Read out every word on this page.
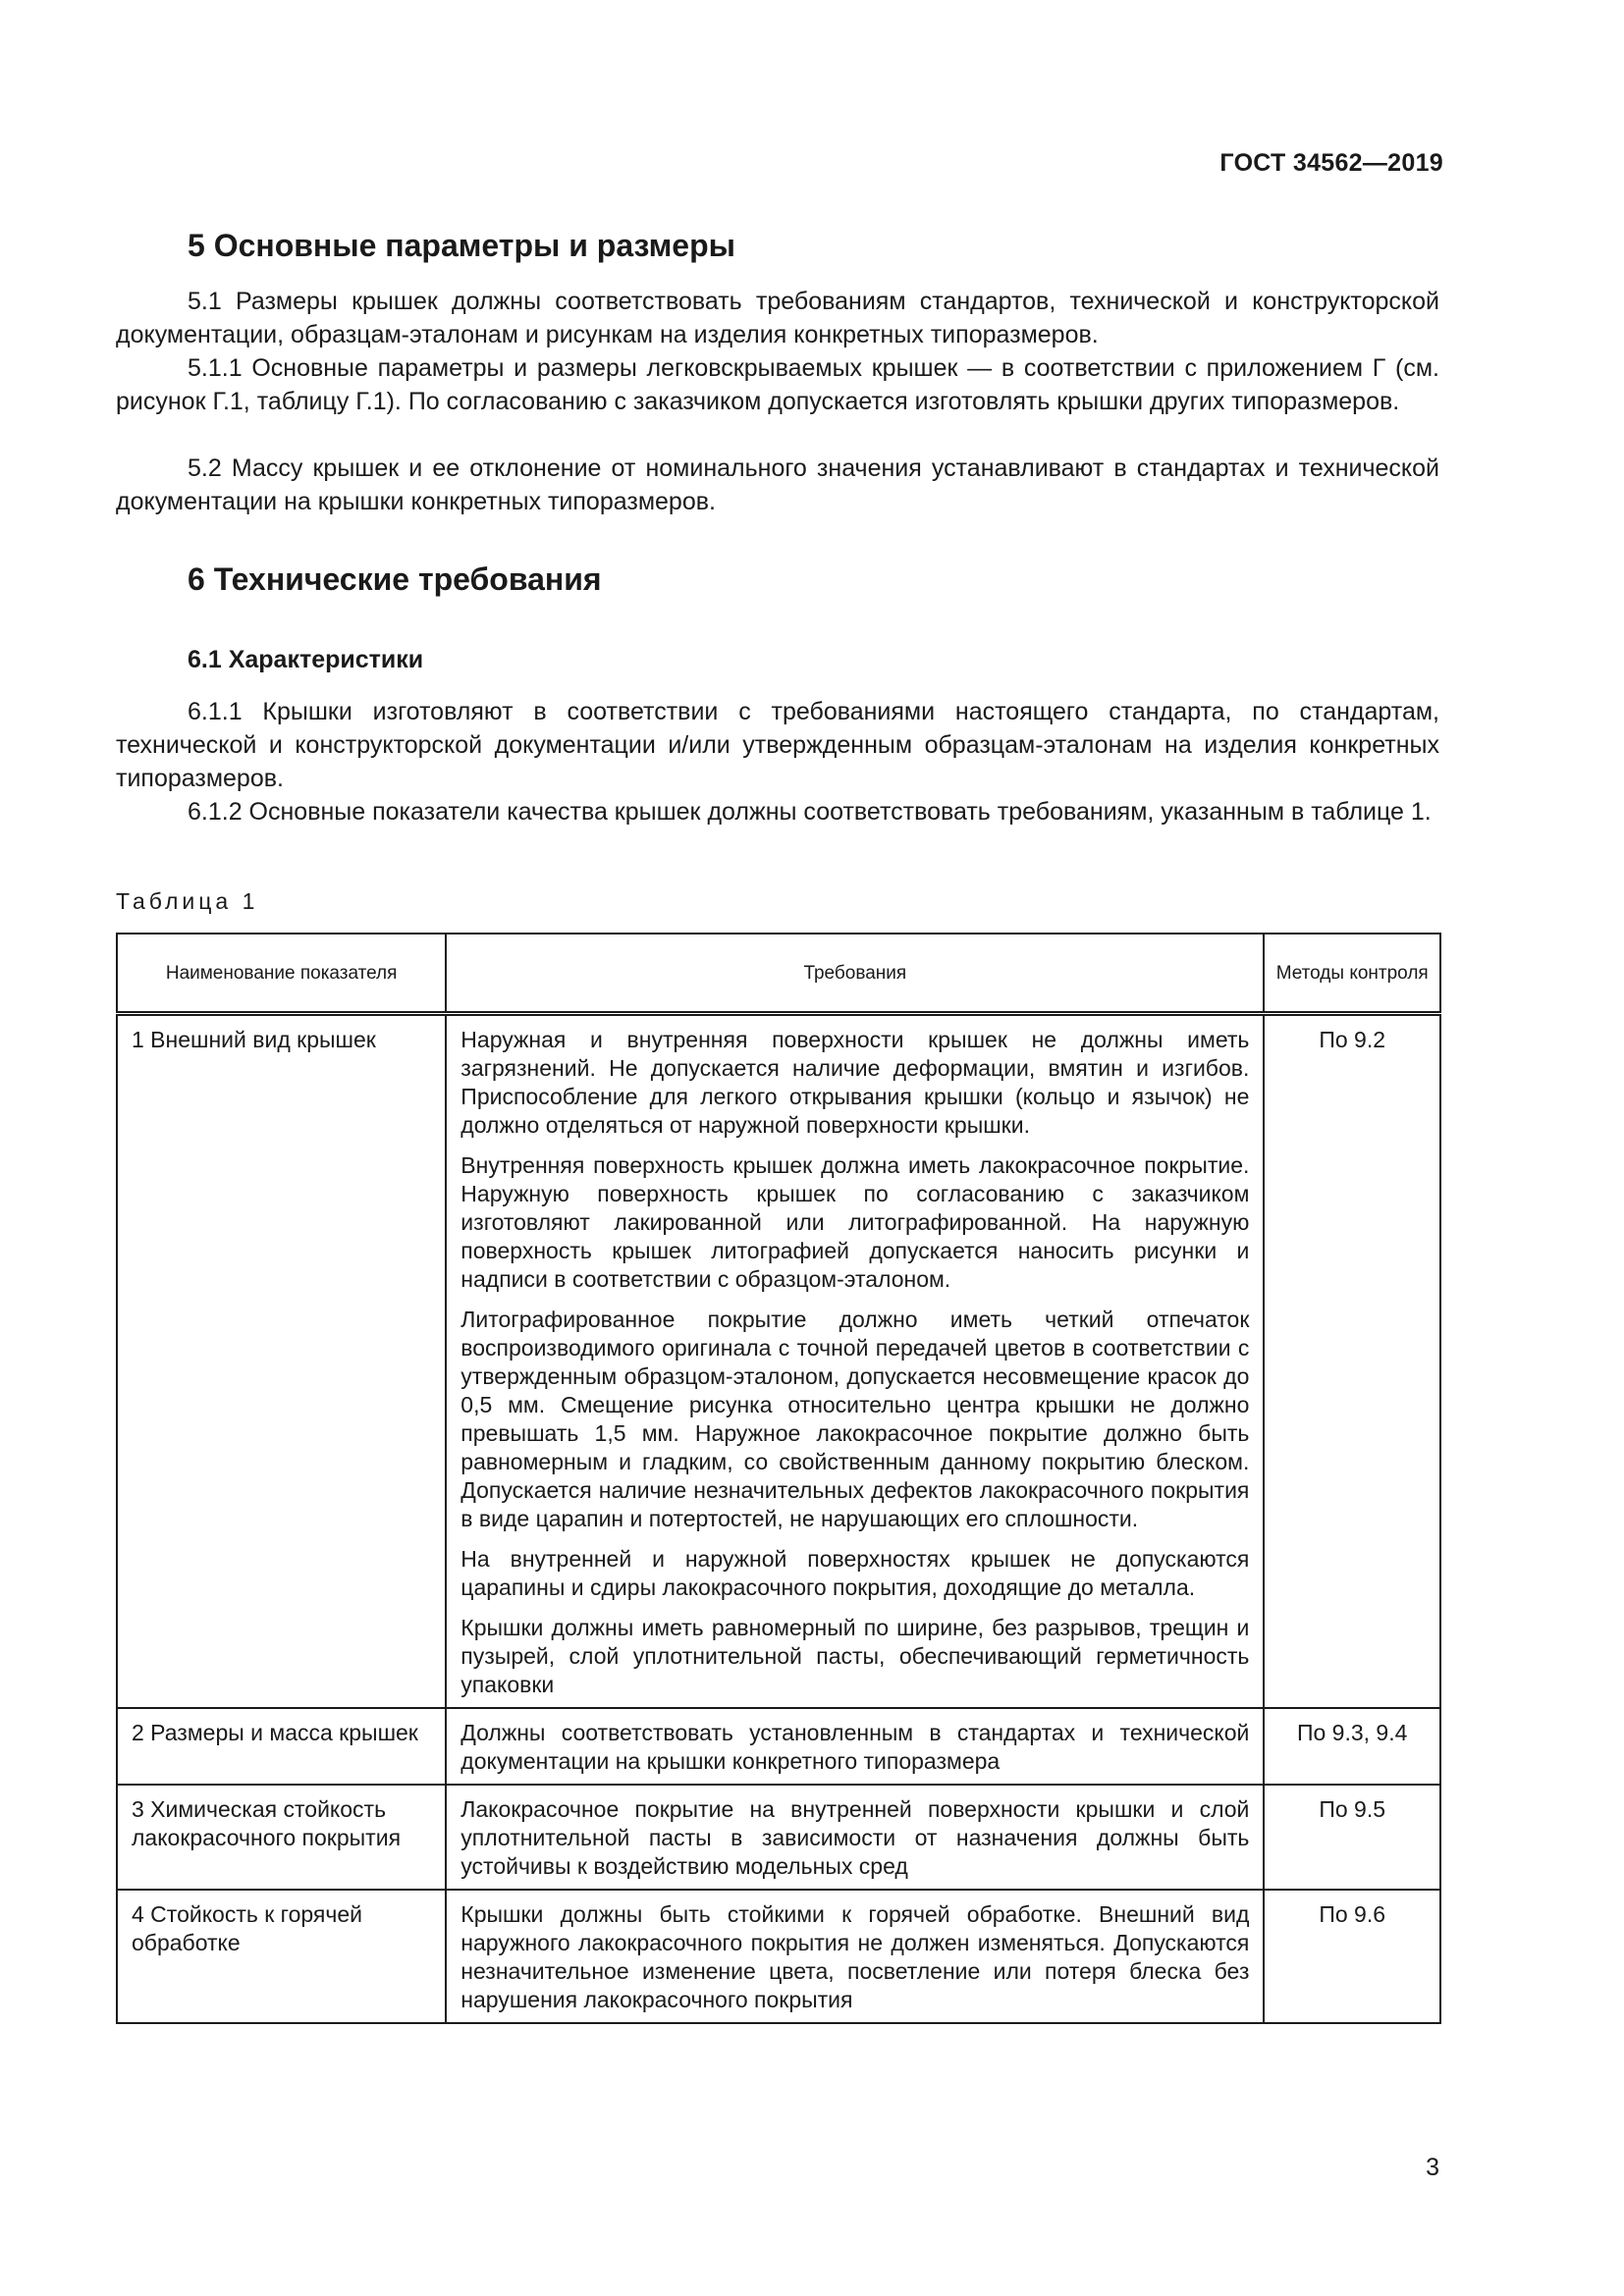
ГОСТ 34562—2019
5 Основные параметры и размеры
5.1 Размеры крышек должны соответствовать требованиям стандартов, технической и конструкторской документации, образцам-эталонам и рисункам на изделия конкретных типоразмеров.
5.1.1 Основные параметры и размеры легковскрываемых крышек — в соответствии с приложением Г (см. рисунок Г.1, таблицу Г.1). По согласованию с заказчиком допускается изготовлять крышки других типоразмеров.
5.2 Массу крышек и ее отклонение от номинального значения устанавливают в стандартах и технической документации на крышки конкретных типоразмеров.
6 Технические требования
6.1 Характеристики
6.1.1 Крышки изготовляют в соответствии с требованиями настоящего стандарта, по стандартам, технической и конструкторской документации и/или утвержденным образцам-эталонам на изделия конкретных типоразмеров.
6.1.2 Основные показатели качества крышек должны соответствовать требованиям, указанным в таблице 1.
Таблица 1
Наименование показателя	Требования	Методы контроля
1 Внешний вид крышек	Наружная и внутренняя поверхности крышек не должны иметь загрязнений. Не допускается наличие деформации, вмятин и изгибов. Приспособление для легкого открывания крышки (кольцо и язычок) не должно отделяться от наружной поверхности крышки.

Внутренняя поверхность крышек должна иметь лакокрасочное покрытие. Наружную поверхность крышек по согласованию с заказчиком изготовляют лакированной или литографированной. На наружную поверхность крышек литографией допускается наносить рисунки и надписи в соответствии с образцом-эталоном.

Литографированное покрытие должно иметь четкий отпечаток воспроизводимого оригинала с точной передачей цветов в соответствии с утвержденным образцом-эталоном, допускается несовмещение красок до 0,5 мм. Смещение рисунка относительно центра крышки не должно превышать 1,5 мм. Наружное лакокрасочное покрытие должно быть равномерным и гладким, со свойственным данному покрытию блеском. Допускается наличие незначительных дефектов лакокрасочного покрытия в виде царапин и потертостей, не нарушающих его сплошности.

На внутренней и наружной поверхностях крышек не допускаются царапины и сдиры лакокрасочного покрытия, доходящие до металла.

Крышки должны иметь равномерный по ширине, без разрывов, трещин и пузырей, слой уплотнительной пасты, обеспечивающий герметичность упаковки	По 9.2
2 Размеры и масса крышек	Должны соответствовать установленным в стандартах и технической документации на крышки конкретного типоразмера	По 9.3, 9.4
3 Химическая стойкость лакокрасочного покрытия	Лакокрасочное покрытие на внутренней поверхности крышки и слой уплотнительной пасты в зависимости от назначения должны быть устойчивы к воздействию модельных сред	По 9.5
4 Стойкость к горячей обработке	Крышки должны быть стойкими к горячей обработке. Внешний вид наружного лакокрасочного покрытия не должен изменяться. Допускаются незначительное изменение цвета, посветление или потеря блеска без нарушения лакокрасочного покрытия	По 9.6
3
